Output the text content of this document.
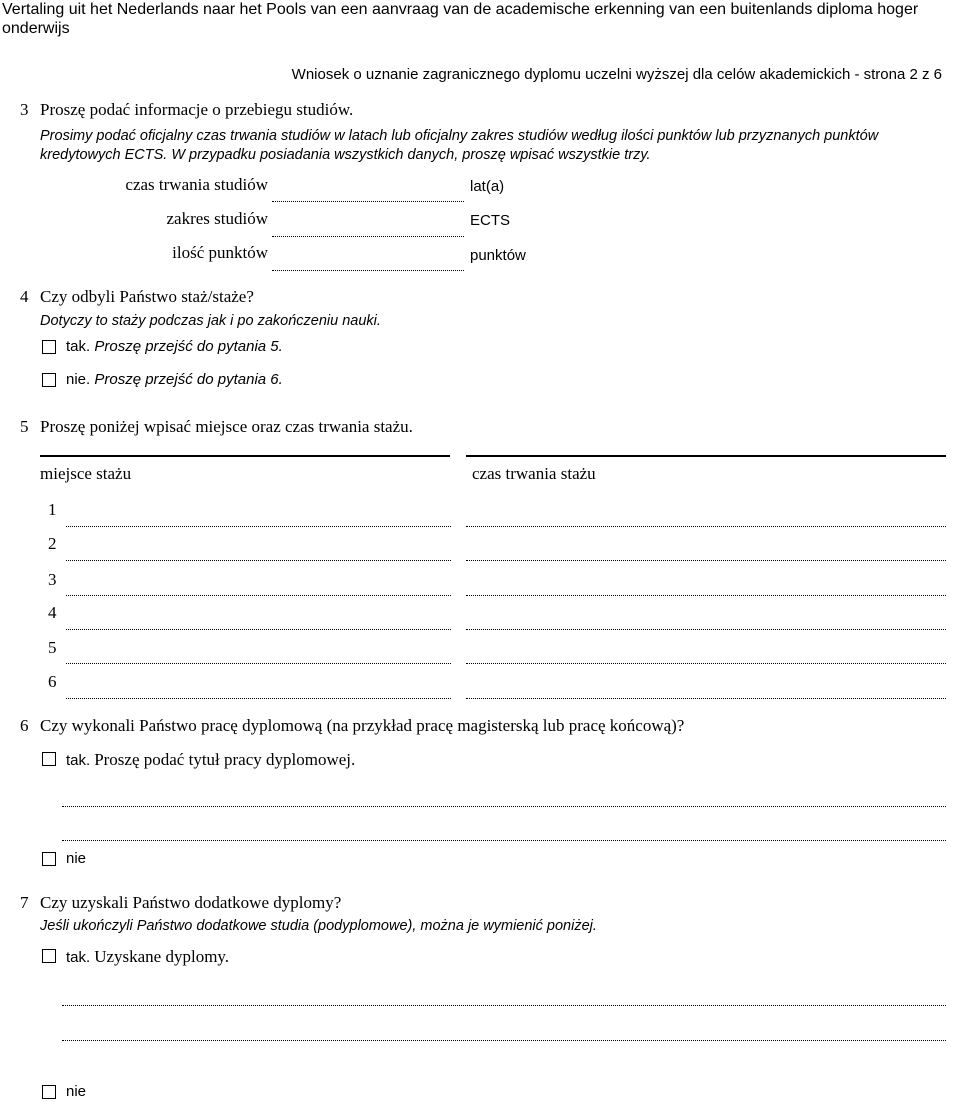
Vertaling uit het Nederlands naar het Pools van een aanvraag van de academische erkenning van een buitenlands diploma hoger onderwijs
Wniosek o uznanie zagranicznego dyplomu uczelni wyższej dla celów akademickich - strona 2 z 6
3 Proszę podać informacje o przebiegu studiów.
Prosimy podać oficjalny czas trwania studiów w latach lub oficjalny zakres studiów według ilości punktów lub przyznanych punktów kredytowych ECTS. W przypadku posiadania wszystkich danych, proszę wpisać wszystkie trzy.
czas trwania studiów	lat(a)
zakres studiów	ECTS
ilość punktów	punktów
4 Czy odbyli Państwo staż/staże?
Dotyczy to staży podczas jak i po zakończeniu nauki.
tak. Proszę przejść do pytania 5.
nie. Proszę przejść do pytania 6.
5 Proszę poniżej wpisać miejsce oraz czas trwania stażu.
miejsce stażu	czas trwania stażu
1
2
3
4
5
6
6 Czy wykonali Państwo pracę dyplomową (na przykład pracę magisterską lub pracę końcową)?
tak. Proszę podać tytuł pracy dyplomowej.
nie
7 Czy uzyskali Państwo dodatkowe dyplomy?
Jeśli ukończyli Państwo dodatkowe studia (podyplomowe), można je wymienić poniżej.
tak. Uzyskane dyplomy.
nie
